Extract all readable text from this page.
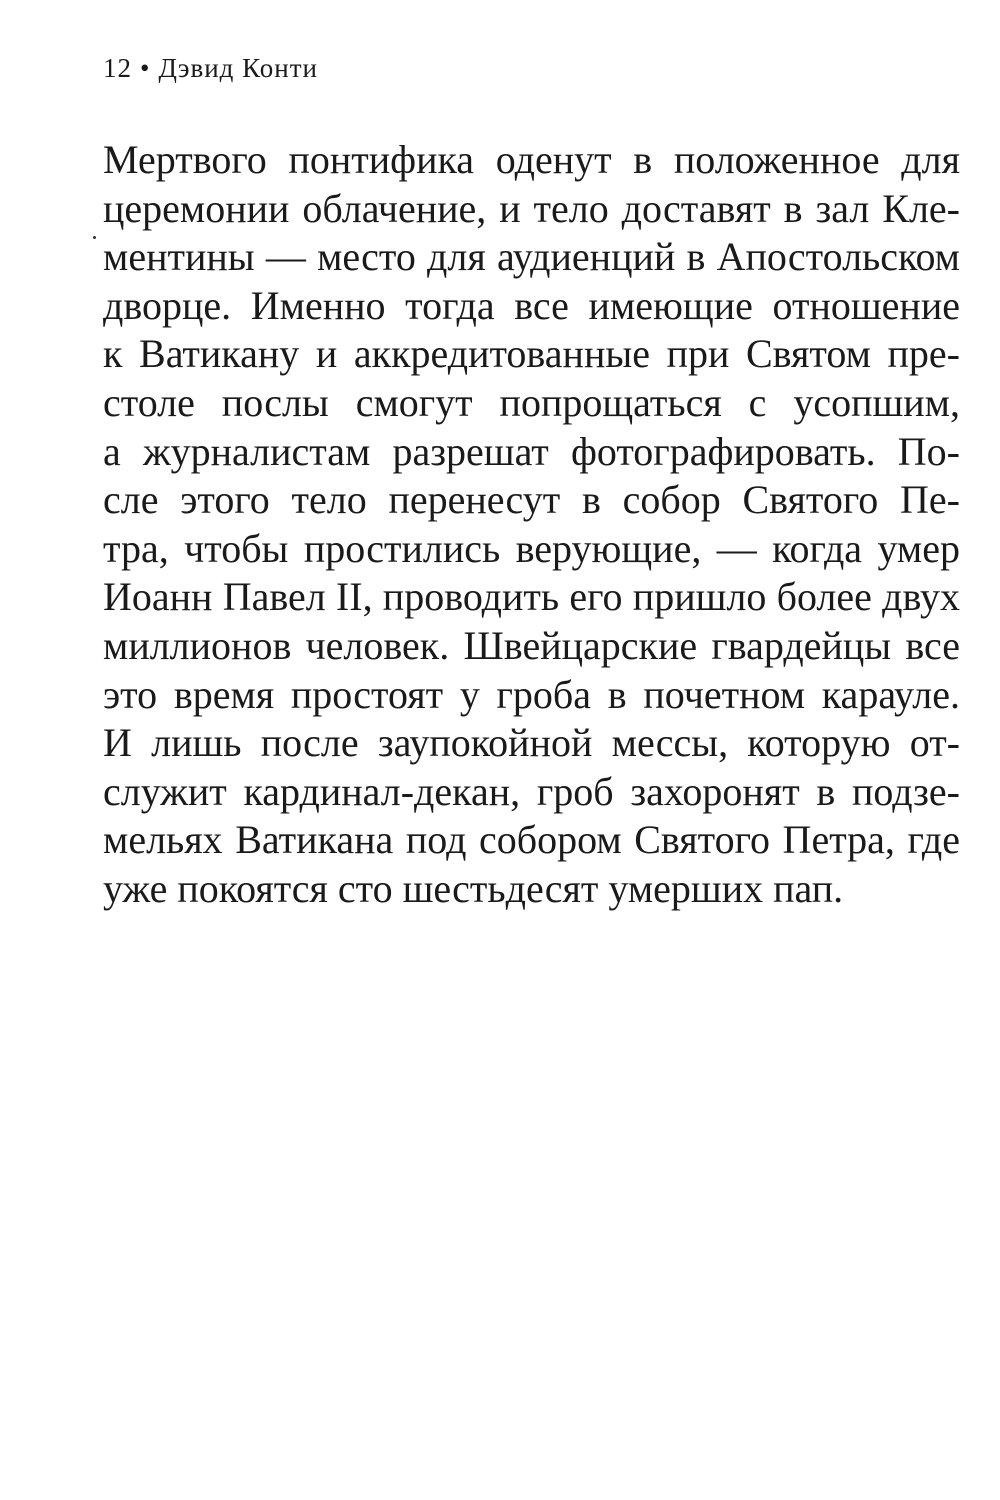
12 • Дэвид Конти
Мертвого понтифика оденут в положенное для
церемонии облачение, и тело доставят в зал Кле-
ментины — место для аудиенций в Апостольском
дворце. Именно тогда все имеющие отношение
к Ватикану и аккредитованные при Святом пре-
столе послы смогут попрощаться с усопшим,
а журналистам разрешат фотографировать. По-
сле этого тело перенесут в собор Святого Пе-
тра, чтобы простились верующие, — когда умер
Иоанн Павел II, проводить его пришло более двух
миллионов человек. Швейцарские гвардейцы все
это время простоят у гроба в почетном карауле.
И лишь после заупокойной мессы, которую от-
служит кардинал-декан, гроб захоронят в подзе-
мельях Ватикана под собором Святого Петра, где
уже покоятся сто шестьдесят умерших пап.
